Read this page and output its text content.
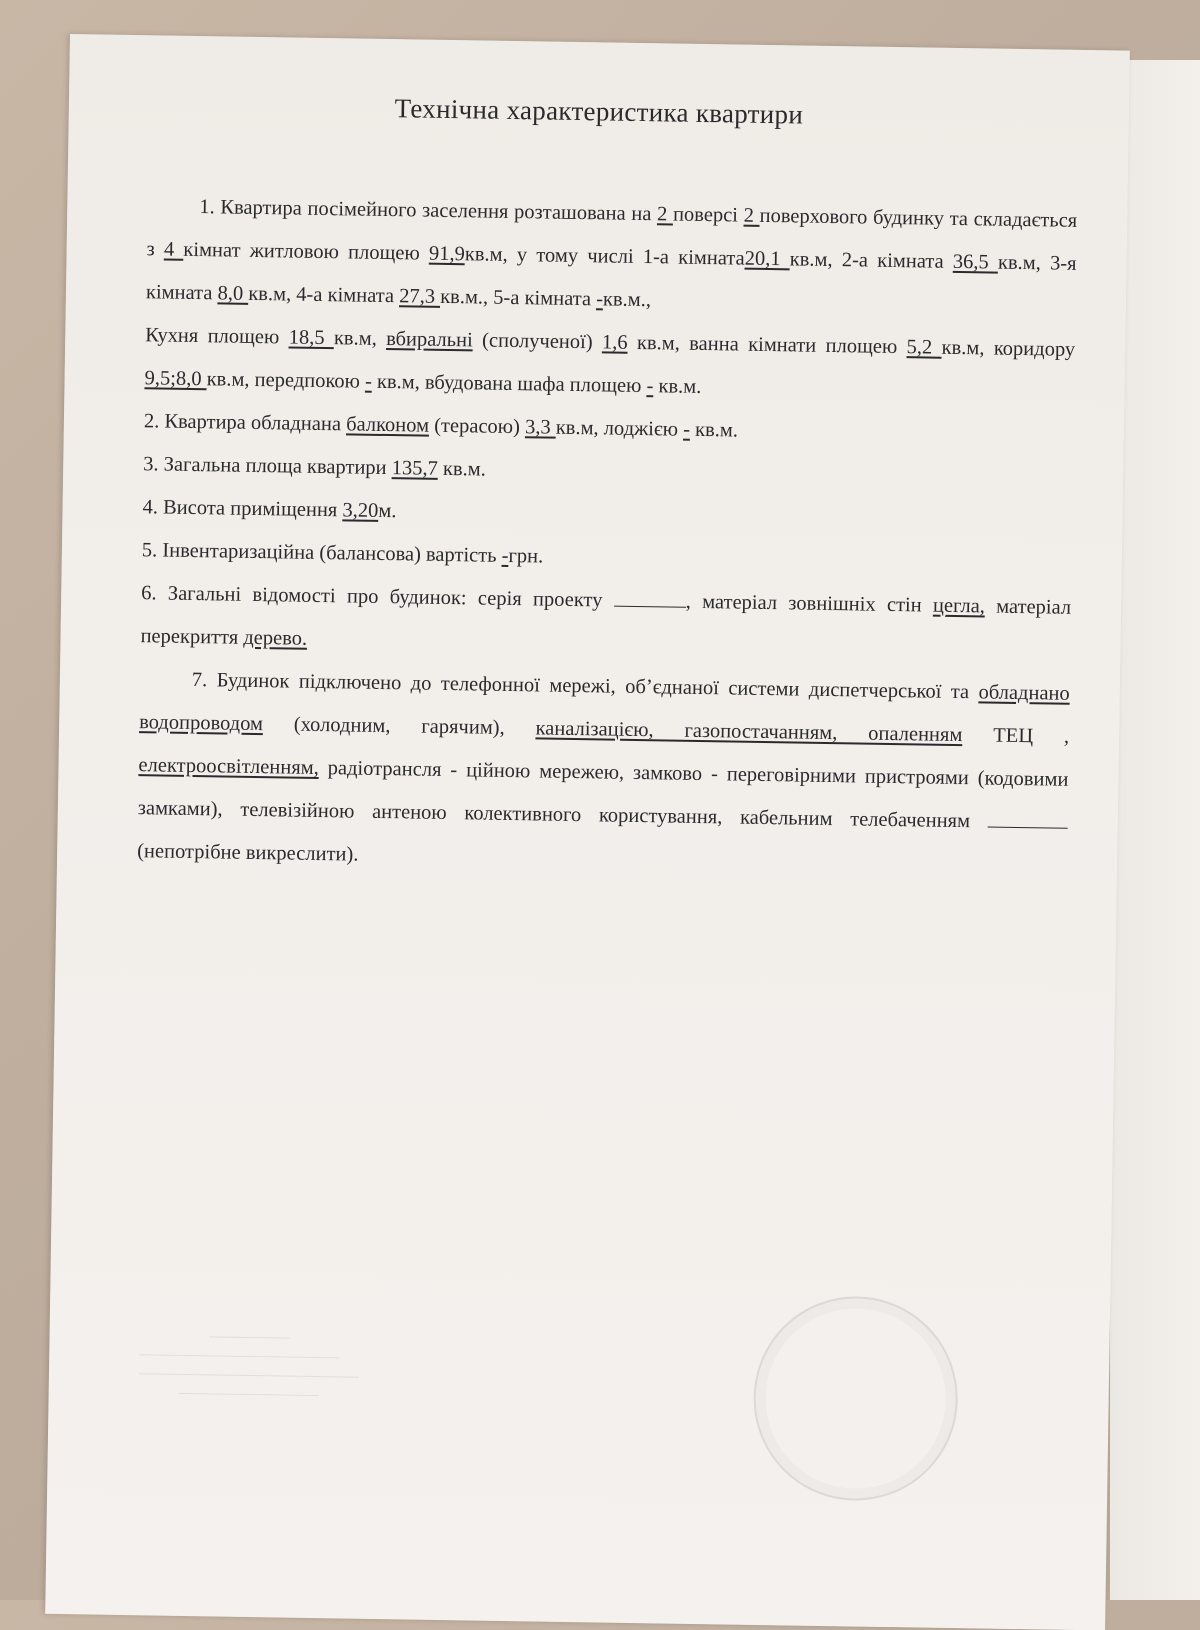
Технічна характеристика квартири

1. Квартира посімейного заселення розташована на 2 поверсі 2 поверхового будинку та складається з 4 кімнат житловою площею 91,9кв.м, у тому числі 1-а кімната20,1 кв.м, 2-а кімната 36,5 кв.м, 3-я кімната 8,0 кв.м, 4-а кімната 27,3 кв.м., 5-а кімната -кв.м.,

Кухня площею 18,5 кв.м, вбиральні (сполученої) 1,6 кв.м, ванна кімнати площею 5,2 кв.м, коридору 9,5;8,0 кв.м, передпокою - кв.м, вбудована шафа площею - кв.м.

2. Квартира обладнана балконом (терасою) 3,3 кв.м, лоджією - кв.м.

3. Загальна площа квартири 135,7 кв.м.

4. Висота приміщення 3,20м.

5. Інвентаризаційна (балансова) вартість -грн.

6. Загальні відомості про будинок: серія проекту	, матеріал зовнішніх стін цегла, матеріал перекриття дерево.

7. Будинок підключено до телефонної мережі, об’єднаної системи диспетчерської та обладнано водопроводом (холодним, гарячим), каналізацією, газопостачанням, опаленням ТЕЦ , електроосвітленням, радіотрансля - ційною мережею, замково - переговірними пристроями (кодовими замками), телевізійною антеною колективного користування, кабельним телебаченням  (непотрібне викреслити).
